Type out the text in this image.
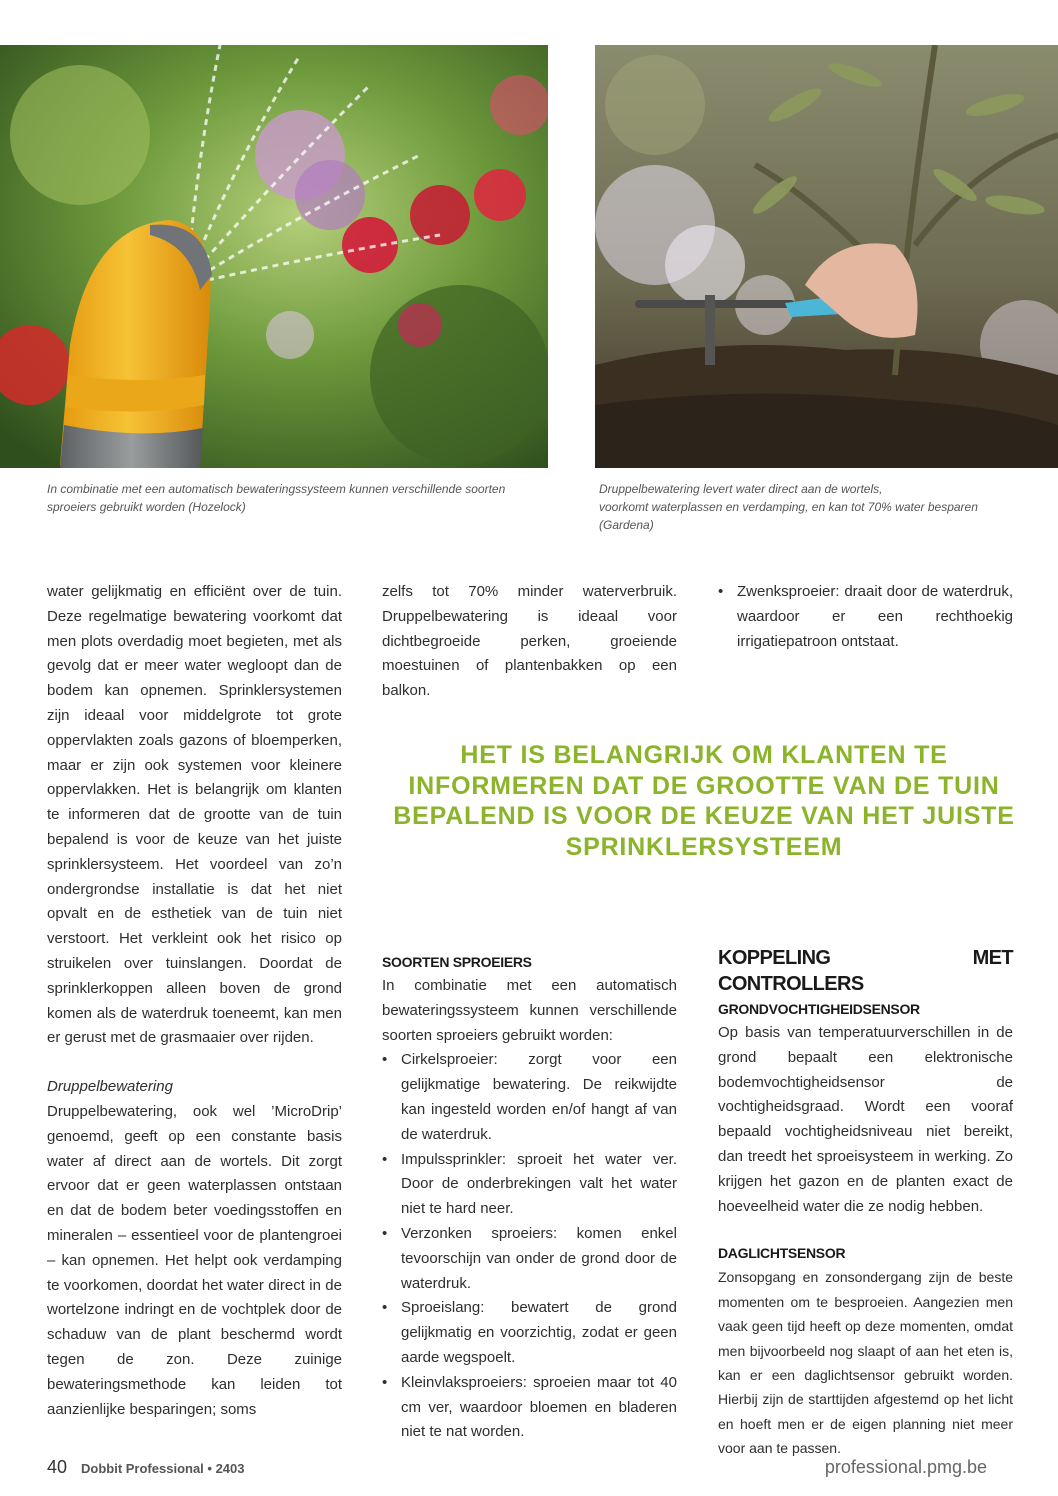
In combinatie met een automatisch bewateringssysteem kunnen verschillende soorten sproeiers gebruikt worden (Hozelock)

Druppelbewatering levert water direct aan de wortels,
voorkomt waterplassen en verdamping, en kan tot 70% water besparen
(Gardena)

water gelijkmatig en efficiënt over de tuin. Deze regelmatige bewatering voorkomt dat men plots overdadig moet begieten, met als gevolg dat er meer water wegloopt dan de bodem kan opnemen. Sprinklersystemen zijn ideaal voor middelgrote tot grote oppervlakten zoals gazons of bloemperken, maar er zijn ook systemen voor kleinere oppervlakken. Het is belangrijk om klanten te informeren dat de grootte van de tuin bepalend is voor de keuze van het juiste sprinklersysteem. Het voordeel van zo’n ondergrondse installatie is dat het niet opvalt en de esthetiek van de tuin niet verstoort. Het verkleint ook het risico op struikelen over tuinslangen. Doordat de sprinklerkoppen alleen boven de grond komen als de waterdruk toeneemt, kan men er gerust met de grasmaaier over rijden.

Druppelbewatering

Druppelbewatering, ook wel ’MicroDrip’ genoemd, geeft op een constante basis water af direct aan de wortels. Dit zorgt ervoor dat er geen waterplassen ontstaan en dat de bodem beter voedingsstoffen en mineralen – essentieel voor de plantengroei – kan opnemen. Het helpt ook verdamping te voorkomen, doordat het water direct in de wortelzone indringt en de vochtplek door de schaduw van de plant beschermd wordt tegen de zon. Deze zuinige bewateringsmethode kan leiden tot aanzienlijke besparingen; soms

zelfs tot 70% minder waterverbruik. Druppelbewatering is ideaal voor dichtbegroeide perken, groeiende moestuinen of plantenbakken op een balkon.

• Zwenksproeier: draait door de waterdruk, waardoor er een rechthoekig irrigatiepatroon ontstaat.

HET IS BELANGRIJK OM KLANTEN TE INFORMEREN DAT DE GROOTTE VAN DE TUIN BEPALEND IS VOOR DE KEUZE VAN HET JUISTE SPRINKLERSYSTEEM

SOORTEN SPROEIERS

In combinatie met een automatisch bewateringssysteem kunnen verschillende soorten sproeiers gebruikt worden:

• Cirkelsproeier: zorgt voor een gelijkmatige bewatering. De reikwijdte kan ingesteld worden en/of hangt af van de waterdruk.
• Impulssprinkler: sproeit het water ver. Door de onderbrekingen valt het water niet te hard neer.
• Verzonken sproeiers: komen enkel tevoorschijn van onder de grond door de waterdruk.
• Sproeislang: bewatert de grond gelijkmatig en voorzichtig, zodat er geen aarde wegspoelt.
• Kleinvlaksproeiers: sproeien maar tot 40 cm ver, waardoor bloemen en bladeren niet te nat worden.

KOPPELING MET CONTROLLERS

GRONDVOCHTIGHEIDSENSOR

Op basis van temperatuurverschillen in de grond bepaalt een elektronische bodemvochtigheidsensor de vochtigheidsgraad. Wordt een vooraf bepaald vochtigheidsniveau niet bereikt, dan treedt het sproeisysteem in werking. Zo krijgen het gazon en de planten exact de hoeveelheid water die ze nodig hebben.

DAGLICHTSENSOR

Zonsopgang en zonsondergang zijn de beste momenten om te besproeien. Aangezien men vaak geen tijd heeft op deze momenten, omdat men bijvoorbeeld nog slaapt of aan het eten is, kan er een daglichtsensor gebruikt worden. Hierbij zijn de starttijden afgestemd op het licht en hoeft men er de eigen planning niet meer voor aan te passen.

40 Dobbit Professional • 2403	professional.pmg.be
